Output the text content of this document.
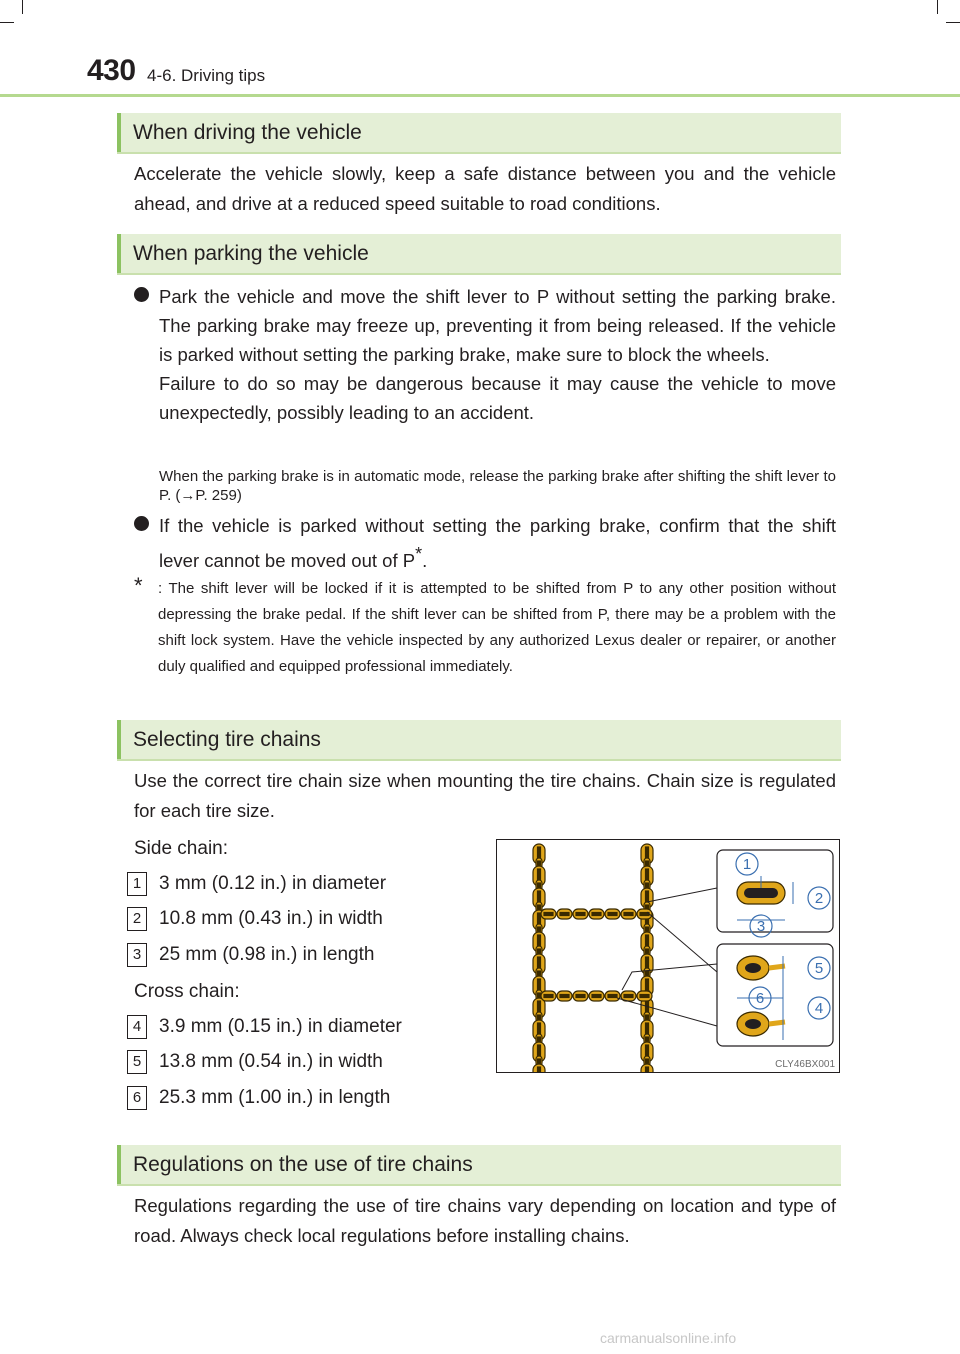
430 4-6. Driving tips
When driving the vehicle
Accelerate the vehicle slowly, keep a safe distance between you and the vehicle ahead, and drive at a reduced speed suitable to road conditions.
When parking the vehicle
Park the vehicle and move the shift lever to P without setting the parking brake. The parking brake may freeze up, preventing it from being released. If the vehicle is parked without setting the parking brake, make sure to block the wheels.
Failure to do so may be dangerous because it may cause the vehicle to move unexpectedly, possibly leading to an accident.
When the parking brake is in automatic mode, release the parking brake after shifting the shift lever to P. (→P. 259)
If the vehicle is parked without setting the parking brake, confirm that the shift lever cannot be moved out of P*.
* : The shift lever will be locked if it is attempted to be shifted from P to any other position without depressing the brake pedal. If the shift lever can be shifted from P, there may be a problem with the shift lock system. Have the vehicle inspected by any authorized Lexus dealer or repairer, or another duly qualified and equipped professional immediately.
Selecting tire chains
Use the correct tire chain size when mounting the tire chains. Chain size is regulated for each tire size.
Side chain:
1 3 mm (0.12 in.) in diameter
2 10.8 mm (0.43 in.) in width
3 25 mm (0.98 in.) in length
Cross chain:
4 3.9 mm (0.15 in.) in diameter
5 13.8 mm (0.54 in.) in width
6 25.3 mm (1.00 in.) in length
1
2
3
4
5
6
CLY46BX001
Regulations on the use of tire chains
Regulations regarding the use of tire chains vary depending on location and type of road. Always check local regulations before installing chains.
carmanualsonline.info
